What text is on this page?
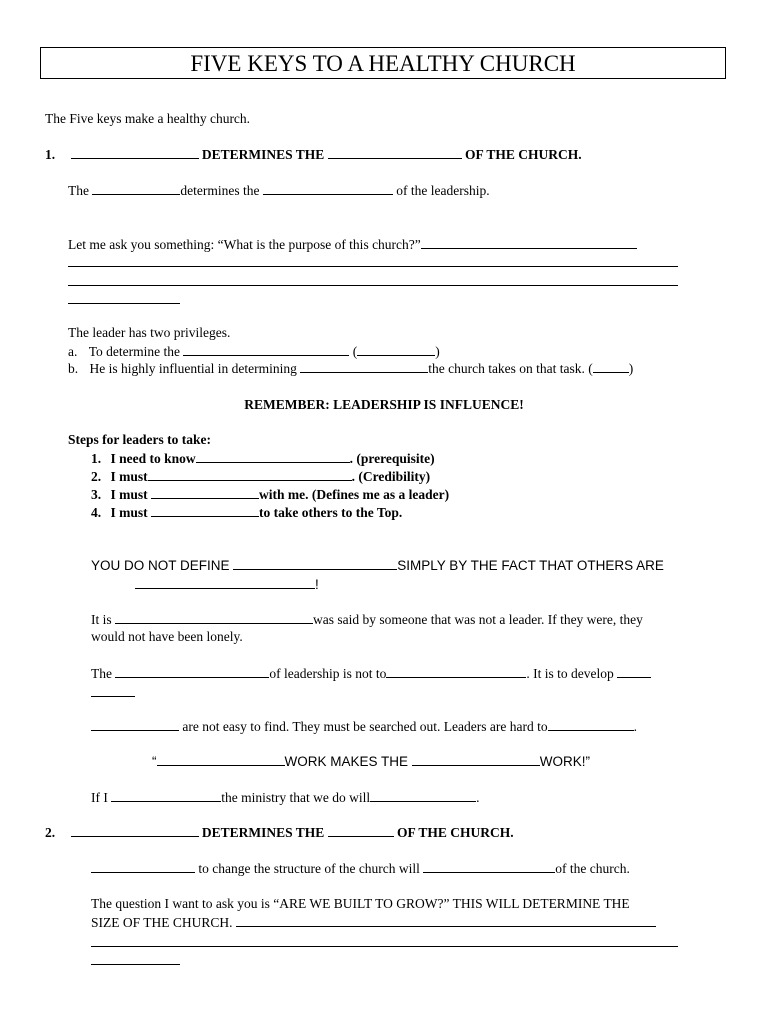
FIVE KEYS TO A HEALTHY CHURCH
The Five keys make a healthy church.
1.	DETERMINES THE	OF THE CHURCH.
The	determines the	of the leadership.
Let me ask you something: “What is the purpose of this church?”
The leader has two privileges.
a. To determine the	(	)
b. He is highly influential in determining	the church takes on that task. (	)
REMEMBER: LEADERSHIP IS INFLUENCE!
Steps for leaders to take:
1. I need to know	. (prerequisite)
2. I must	. (Credibility)
3. I must	with me. (Defines me as a leader)
4. I must	to take others to the Top.
YOU DO NOT DEFINE	SIMPLY BY THE FACT THAT OTHERS ARE
!
It is	was said by someone that was not a leader. If they were, they
would not have been lonely.
The	of leadership is not to	. It is to develop
are not easy to find. They must be searched out. Leaders are hard to	.
“	WORK MAKES THE	WORK!”
If I	the ministry that we do will	.
2.	DETERMINES THE	OF THE CHURCH.
to change the structure of the church will	of the church.
The question I want to ask you is “ARE WE BUILT TO GROW?” THIS WILL DETERMINE THE
SIZE OF THE CHURCH.
